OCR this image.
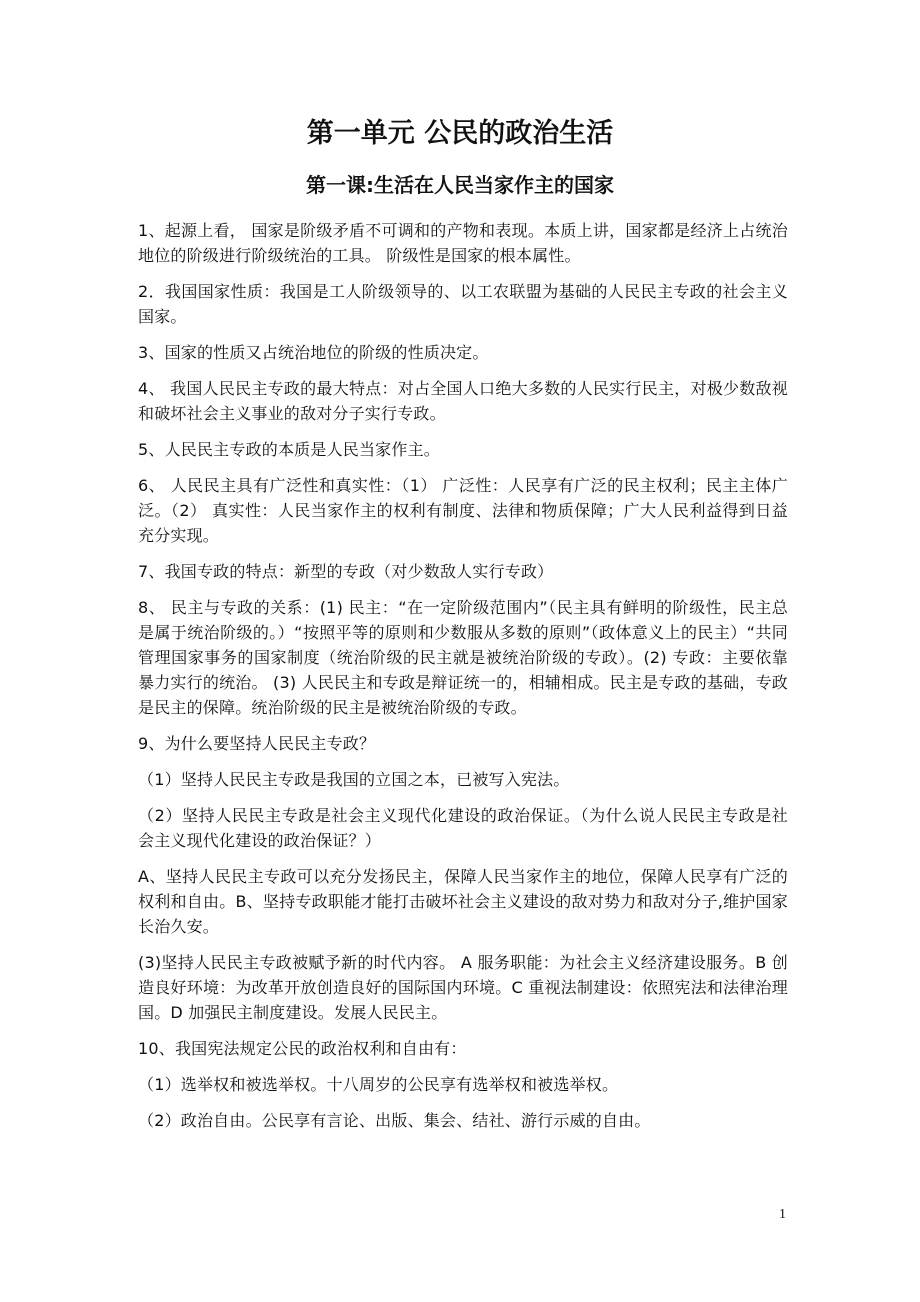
第一单元 公民的政治生活
第一课:生活在人民当家作主的国家

1、起源上看， 国家是阶级矛盾不可调和的产物和表现。本质上讲，国家都是经济上占统治地位的阶级进行阶级统治的工具。 阶级性是国家的根本属性。

2．我国国家性质：我国是工人阶级领导的、以工农联盟为基础的人民民主专政的社会主义国家。

3、国家的性质又占统治地位的阶级的性质决定。

4、 我国人民民主专政的最大特点：对占全国人口绝大多数的人民实行民主，对极少数敌视和破坏社会主义事业的敌对分子实行专政。

5、人民民主专政的本质是人民当家作主。

6、 人民民主具有广泛性和真实性：（1） 广泛性：人民享有广泛的民主权利；民主主体广泛。（2） 真实性：人民当家作主的权利有制度、法律和物质保障；广大人民利益得到日益充分实现。

7、我国专政的特点：新型的专政（对少数敌人实行专政）

8、 民主与专政的关系：(1) 民主：“在一定阶级范围内”（民主具有鲜明的阶级性，民主总是属于统治阶级的。）“按照平等的原则和少数服从多数的原则”（政体意义上的民主）“共同管理国家事务的国家制度（统治阶级的民主就是被统治阶级的专政）。(2) 专政：主要依靠暴力实行的统治。 (3) 人民民主和专政是辩证统一的，相辅相成。民主是专政的基础，专政是民主的保障。统治阶级的民主是被统治阶级的专政。

9、为什么要坚持人民民主专政？

（1）坚持人民民主专政是我国的立国之本，已被写入宪法。

（2）坚持人民民主专政是社会主义现代化建设的政治保证。（为什么说人民民主专政是社会主义现代化建设的政治保证？）

A、坚持人民民主专政可以充分发扬民主，保障人民当家作主的地位，保障人民享有广泛的权利和自由。B、坚持专政职能才能打击破坏社会主义建设的敌对势力和敌对分子,维护国家长治久安。

(3)坚持人民民主专政被赋予新的时代内容。 A 服务职能：为社会主义经济建设服务。B 创造良好环境：为改革开放创造良好的国际国内环境。C 重视法制建设：依照宪法和法律治理国。D 加强民主制度建设。发展人民民主。

10、我国宪法规定公民的政治权利和自由有：

（1）选举权和被选举权。十八周岁的公民享有选举权和被选举权。

（2）政治自由。公民享有言论、出版、集会、结社、游行示威的自由。

1
